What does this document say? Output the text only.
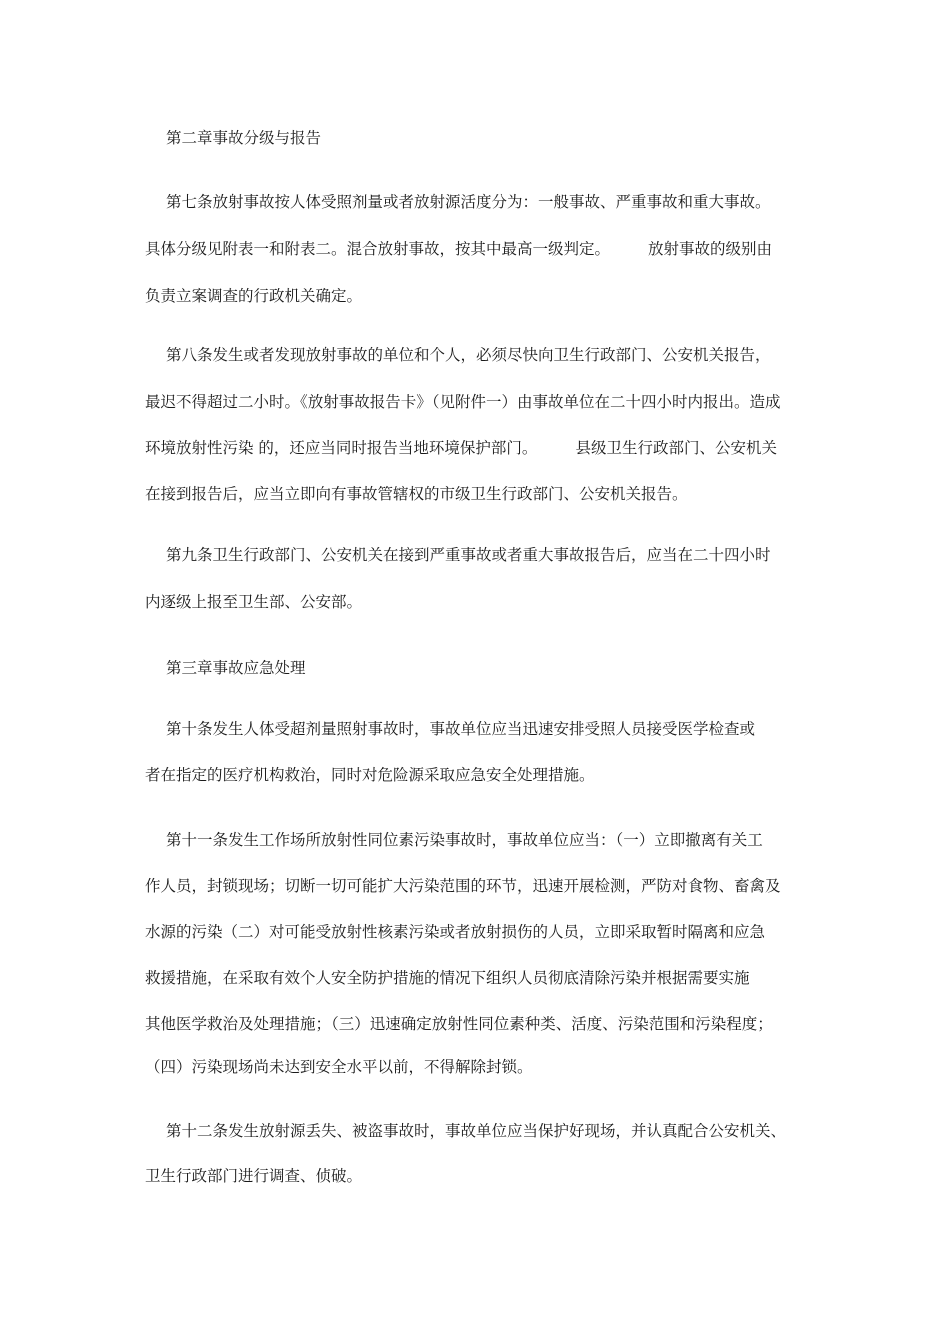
第二章事故分级与报告
第七条放射事故按人体受照剂量或者放射源活度分为：一般事故、严重事故和重大事故。
具体分级见附表一和附表二。混合放射事故，按其中最高一级判定。 放射事故的级别由
负责立案调查的行政机关确定。
第八条发生或者发现放射事故的单位和个人，必须尽快向卫生行政部门、公安机关报告，
最迟不得超过二小时。《放射事故报告卡》（见附件一）由事故单位在二十四小时内报出。造成
环境放射性污染 的，还应当同时报告当地环境保护部门。 县级卫生行政部门、公安机关
在接到报告后，应当立即向有事故管辖权的市级卫生行政部门、公安机关报告。
第九条卫生行政部门、公安机关在接到严重事故或者重大事故报告后，应当在二十四小时
内逐级上报至卫生部、公安部。
第三章事故应急处理
第十条发生人体受超剂量照射事故时，事故单位应当迅速安排受照人员接受医学检查或
者在指定的医疗机构救治，同时对危险源采取应急安全处理措施。
第十一条发生工作场所放射性同位素污染事故时，事故单位应当：（一）立即撤离有关工
作人员，封锁现场；切断一切可能扩大污染范围的环节，迅速开展检测，严防对食物、畜禽及
水源的污染（二）对可能受放射性核素污染或者放射损伤的人员，立即采取暂时隔离和应急
救援措施，在采取有效个人安全防护措施的情况下组织人员彻底清除污染并根据需要实施
其他医学救治及处理措施；（三）迅速确定放射性同位素种类、活度、污染范围和污染程度；
（四）污染现场尚未达到安全水平以前，不得解除封锁。
第十二条发生放射源丢失、被盗事故时，事故单位应当保护好现场，并认真配合公安机关、
卫生行政部门进行调查、侦破。
